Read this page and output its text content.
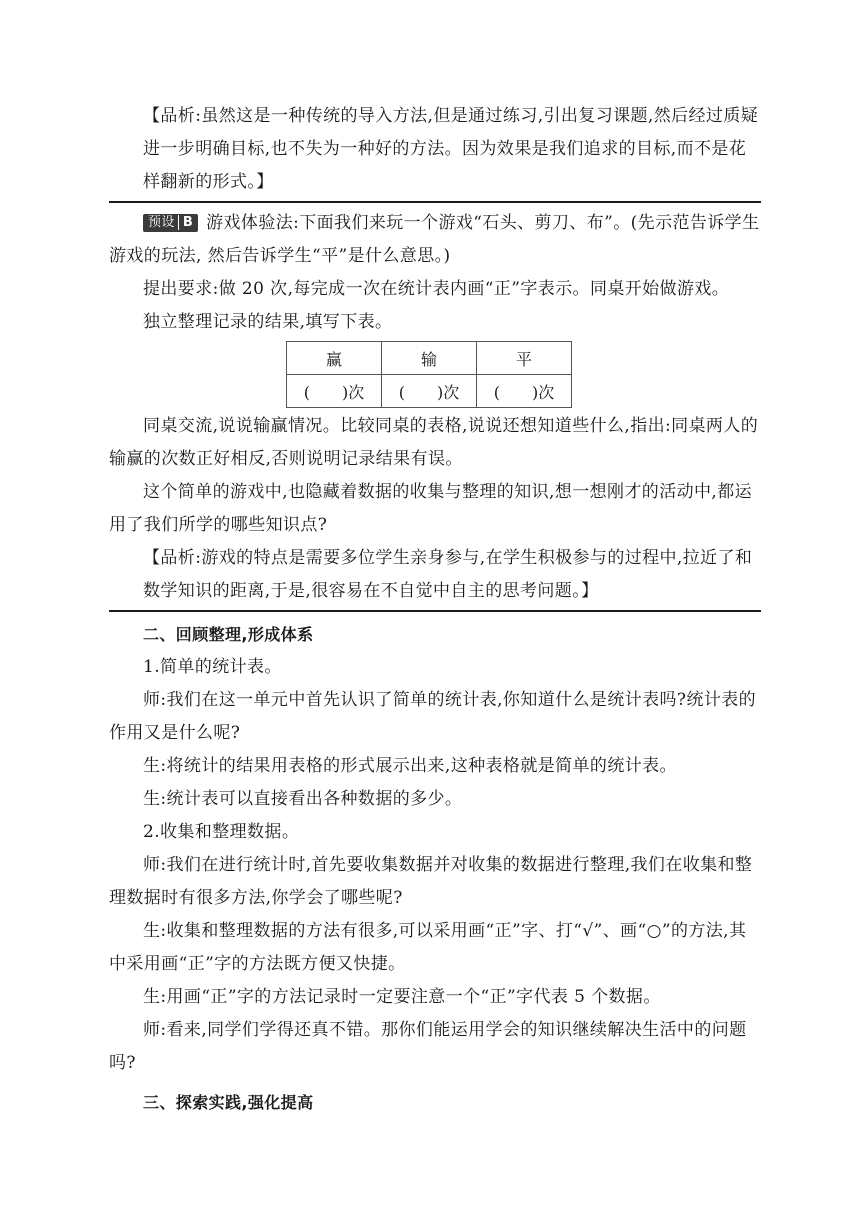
【品析:虽然这是一种传统的导入方法,但是通过练习,引出复习课题,然后经过质疑进一步明确目标,也不失为一种好的方法。因为效果是我们追求的目标,而不是花样翻新的形式。】

预设 B 游戏体验法:下面我们来玩一个游戏“石头、剪刀、布”。(先示范告诉学生游戏的玩法, 然后告诉学生“平”是什么意思。)

提出要求:做 20 次,每完成一次在统计表内画“正”字表示。同桌开始做游戏。

独立整理记录的结果,填写下表。

赢	输	平
(　　)次	(　　)次	(　　)次

同桌交流,说说输赢情况。比较同桌的表格,说说还想知道些什么,指出:同桌两人的输赢的次数正好相反,否则说明记录结果有误。

这个简单的游戏中,也隐藏着数据的收集与整理的知识,想一想刚才的活动中,都运用了我们所学的哪些知识点?

【品析:游戏的特点是需要多位学生亲身参与,在学生积极参与的过程中,拉近了和数学知识的距离,于是,很容易在不自觉中自主的思考问题。】

二、回顾整理,形成体系

1.简单的统计表。

师:我们在这一单元中首先认识了简单的统计表,你知道什么是统计表吗?统计表的作用又是什么呢?

生:将统计的结果用表格的形式展示出来,这种表格就是简单的统计表。

生:统计表可以直接看出各种数据的多少。

2.收集和整理数据。

师:我们在进行统计时,首先要收集数据并对收集的数据进行整理,我们在收集和整理数据时有很多方法,你学会了哪些呢?

生:收集和整理数据的方法有很多,可以采用画“正”字、打“√”、画“○”的方法,其中采用画“正”字的方法既方便又快捷。

生:用画“正”字的方法记录时一定要注意一个“正”字代表 5 个数据。

师:看来,同学们学得还真不错。那你们能运用学会的知识继续解决生活中的问题吗?

三、探索实践,强化提高
